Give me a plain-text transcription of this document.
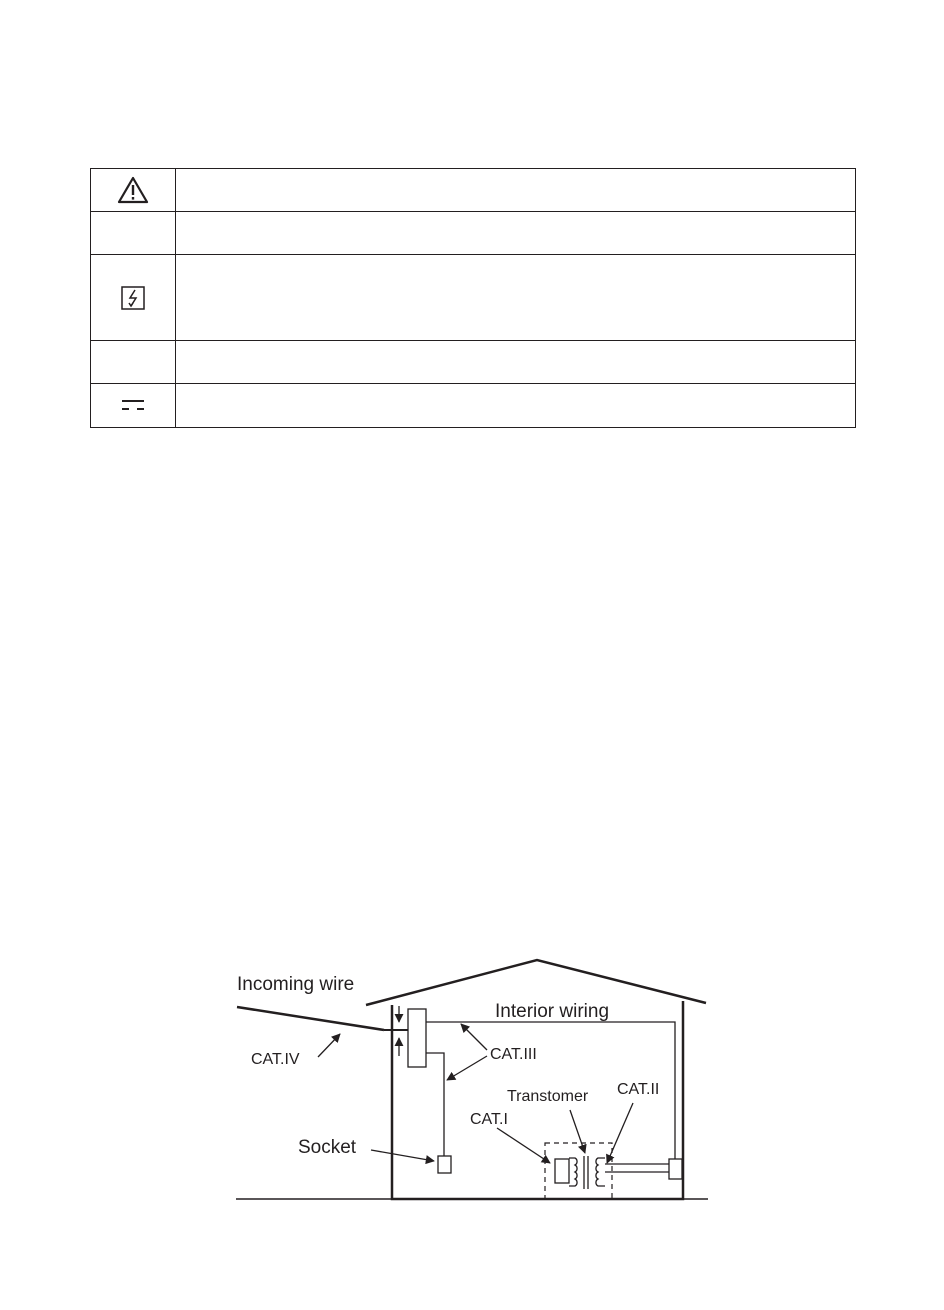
Incoming wire
Interior wiring
CAT.IV	CAT.III
Transtomer CAT.II
CAT.I
Socket
